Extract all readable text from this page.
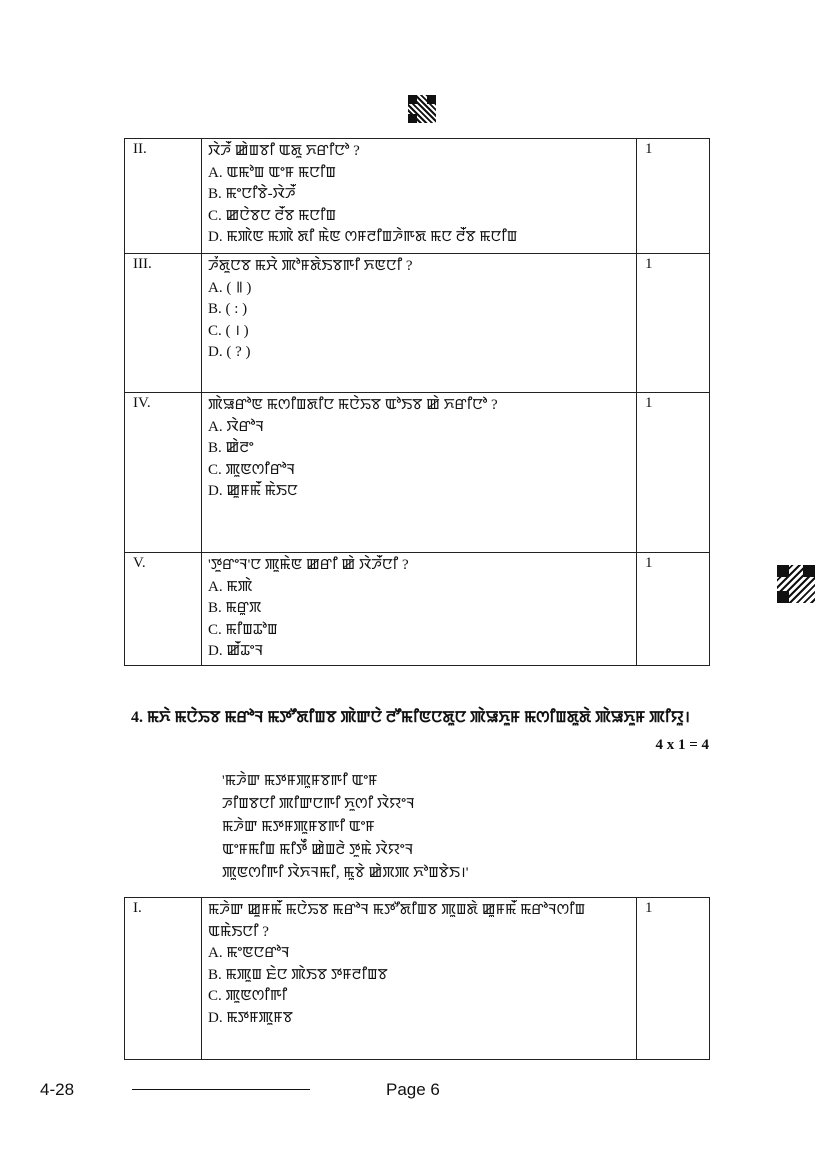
II.	ꯋꯥꯍꯩ ꯀꯥꯡꯕꯤ ꯑꯗꯨ ꯈꯔꯤꯅꯣ ?
A. ꯑꯃꯣꯡ ꯑꯦꯝ ꯃꯅꯤꯡ
B. ꯃꯦꯅꯤꯕꯥ-ꯋꯥꯍꯩ
C. ꯀꯅꯥꯕꯅ ꯂꯩꯕ ꯃꯅꯤꯡ
D. ꯃꯄꯥꯟ ꯃꯄꯥ ꯗꯤ ꯃꯥꯟ ꯁꯝꯂꯤꯡꯍꯥꯒꯗ ꯃꯅ ꯂꯩꯕ ꯃꯅꯤꯡ	1
III.	ꯍꯪꯗꯨꯅꯕ ꯃꯆꯥ ꯄꯣꯝꯗꯥꯏꯕꯒꯤ ꯈꯟꯅꯤ ?
A. ( ꯫ )
B. ( : )
C. ( । )
D. ( ? )	1
IV.	ꯄꯥꯎꯔꯣꯟ ꯃꯁꯤꯡꯗꯤꯅ ꯃꯅꯥꯢꯕ ꯑꯣꯏꯕ ꯀꯥ ꯈꯔꯤꯅꯣ ?
A. ꯋꯥꯔꯣꯜ
B. ꯀꯥꯂꯦ
C. ꯄꯨꯟꯁꯤꯔꯣꯜ
D. ꯀꯨꯝꯃꯩ ꯃꯥꯏꯅ	1
V.	'ꯇꯨꯔꯦꯜ'ꯅ ꯄꯨꯃꯥꯟ ꯀꯔꯤ ꯀꯥ ꯋꯥꯍꯩꯅꯤ ?
A. ꯃꯄꯥ
B. ꯃꯔꯨꯞ
C. ꯃꯤꯡꯊꯣꯡ
D. ꯀꯩꯊꯦꯜ	1
4. ꯃꯈꯥ ꯃꯅꯥꯢꯕ ꯃꯔꯣꯜ ꯃꯇꯧꯗꯤꯡꯕ ꯄꯥꯛꯅꯥ ꯂꯧꯃꯤꯟꯅꯗꯨꯅ ꯄꯥꯎꯈꯨꯝ ꯃꯁꯤꯡꯗꯨꯗꯥ ꯄꯥꯎꯈꯨꯝ ꯄꯤꯌꯨ।
4 x 1 = 4
'ꯃꯍꯥꯛ ꯃꯇꯝꯄꯨꯝꯕꯒꯤ ꯑꯦꯝ
ꯍꯤꯡꯕꯅꯤ ꯄꯤꯛꯅꯒꯤ ꯈꯨꯁꯤ ꯋꯥꯌꯦꯜ
ꯃꯍꯥꯛ ꯃꯇꯝꯄꯨꯝꯕꯒꯤ ꯑꯦꯝ
ꯑꯦꯝꯃꯤꯡ ꯃꯤꯇꯩ ꯀꯥꯡꯂꯥ ꯇꯨꯃꯥ ꯋꯥꯌꯦꯜ
ꯄꯨꯟꯁꯤꯒꯤ ꯋꯥꯈꯜꯃꯤ, ꯃꯨꯕꯥ ꯀꯥꯞꯄ ꯈꯣꯡꯕꯥꯏ।'
I.	ꯃꯍꯥꯛ ꯀꯨꯝꯃꯩ ꯃꯅꯥꯢꯕ ꯃꯔꯣꯜ ꯃꯇꯧꯗꯤꯡꯕ ꯄꯨꯡꯗꯥ ꯀꯨꯝꯃꯩ ꯃꯔꯣꯜꯁꯤꯡ ꯑꯃꯥꯏꯅꯤ ?
A. ꯃꯦꯟꯅꯔꯣꯜ
B. ꯃꯄꯨꯡ ꯐꯥꯅ ꯄꯥꯏꯕ ꯇꯝꯂꯤꯡꯕ
C. ꯄꯨꯟꯁꯤꯒꯤ
D. ꯃꯇꯝꯄꯨꯝꯕ
	1
4-28	Page 6
